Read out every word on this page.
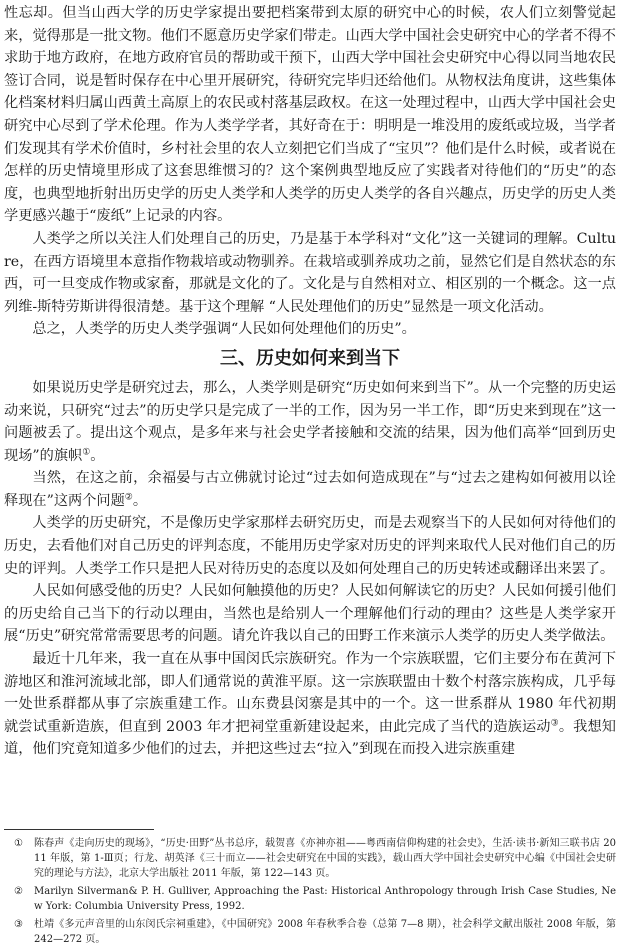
性忘却。但当山西大学的历史学家提出要把档案带到太原的研究中心的时候，农人们立刻警觉起来，觉得那是一批文物。他们不愿意历史学家们带走。山西大学中国社会史研究中心的学者不得不求助于地方政府，在地方政府官员的帮助或干预下，山西大学中国社会史研究中心得以同当地农民签订合同，说是暂时保存在中心里开展研究，待研究完毕归还给他们。从物权法角度讲，这些集体化档案材料归属山西黄土高原上的农民或村落基层政权。在这一处理过程中，山西大学中国社会史研究中心尽到了学术伦理。作为人类学学者，其好奇在于：明明是一堆没用的废纸或垃圾，当学者们发现其有学术价值时，乡村社会里的农人立刻把它们当成了“宝贝”？他们是什么时候，或者说在怎样的历史情境里形成了这套思维惯习的？这个案例典型地反应了实践者对待他们的“历史”的态度，也典型地折射出历史学的历史人类学和人类学的历史人类学的各自兴趣点，历史学的历史人类学更感兴趣于“废纸”上记录的内容。

人类学之所以关注人们处理自己的历史，乃是基于本学科对“文化”这一关键词的理解。Culture，在西方语境里本意指作物栽培或动物驯养。在栽培或驯养成功之前，显然它们是自然状态的东西，可一旦变成作物或家畜，那就是文化的了。文化是与自然相对立、相区别的一个概念。这一点列维-斯特劳斯讲得很清楚。基于这个理解 “人民处理他们的历史”显然是一项文化活动。

总之，人类学的历史人类学强调“人民如何处理他们的历史”。

三、历史如何来到当下

如果说历史学是研究过去，那么，人类学则是研究“历史如何来到当下”。从一个完整的历史运动来说，只研究“过去”的历史学只是完成了一半的工作，因为另一半工作，即“历史来到现在”这一问题被丢了。提出这个观点，是多年来与社会史学者接触和交流的结果，因为他们高举“回到历史现场”的旗帜①。

当然，在这之前，余福晏与古立佛就讨论过“过去如何造成现在”与“过去之建构如何被用以诠释现在”这两个问题②。

人类学的历史研究，不是像历史学家那样去研究历史，而是去观察当下的人民如何对待他们的历史，去看他们对自己历史的评判态度，不能用历史学家对历史的评判来取代人民对他们自己的历史的评判。人类学工作只是把人民对待历史的态度以及如何处理自己的历史转述或翻译出来罢了。

人民如何感受他的历史？人民如何触摸他的历史？人民如何解读它的历史？人民如何援引他们的历史给自己当下的行动以理由，当然也是给别人一个理解他们行动的理由？这些是人类学家开展“历史”研究常常需要思考的问题。请允许我以自己的田野工作来演示人类学的历史人类学做法。

最近十几年来，我一直在从事中国闵氏宗族研究。作为一个宗族联盟，它们主要分布在黄河下游地区和淮河流域北部，即人们通常说的黄淮平原。这一宗族联盟由十数个村落宗族构成，几乎每一处世系群都从事了宗族重建工作。山东费县闵寨是其中的一个。这一世系群从 1980 年代初期就尝试重新造族，但直到 2003 年才把祠堂重新建设起来，由此完成了当代的造族运动③。我想知道，他们究竟知道多少他们的过去，并把这些过去“拉入”到现在而投入进宗族重建

① 陈春声《走向历史的现场》，“历史·田野”丛书总序，载贺喜《亦神亦祖——粤西南信仰构建的社会史》，生活·读书·新知三联书店 2011 年版，第 1-Ⅲ页；行龙、胡英泽《三十而立——社会史研究在中国的实践》，载山西大学中国社会史研究中心编《中国社会史研究的理论与方法》，北京大学出版社 2011 年版，第 122—143 页。
② Marilyn Silverman& P. H. Gulliver, Approaching the Past: Historical Anthropology through Irish Case Studies, New York: Columbia University Press, 1992.
③ 杜靖《多元声音里的山东闵氏宗祠重建》，《中国研究》2008 年春秋季合卷（总第 7—8 期），社会科学文献出版社 2008 年版，第 242—272 页。
